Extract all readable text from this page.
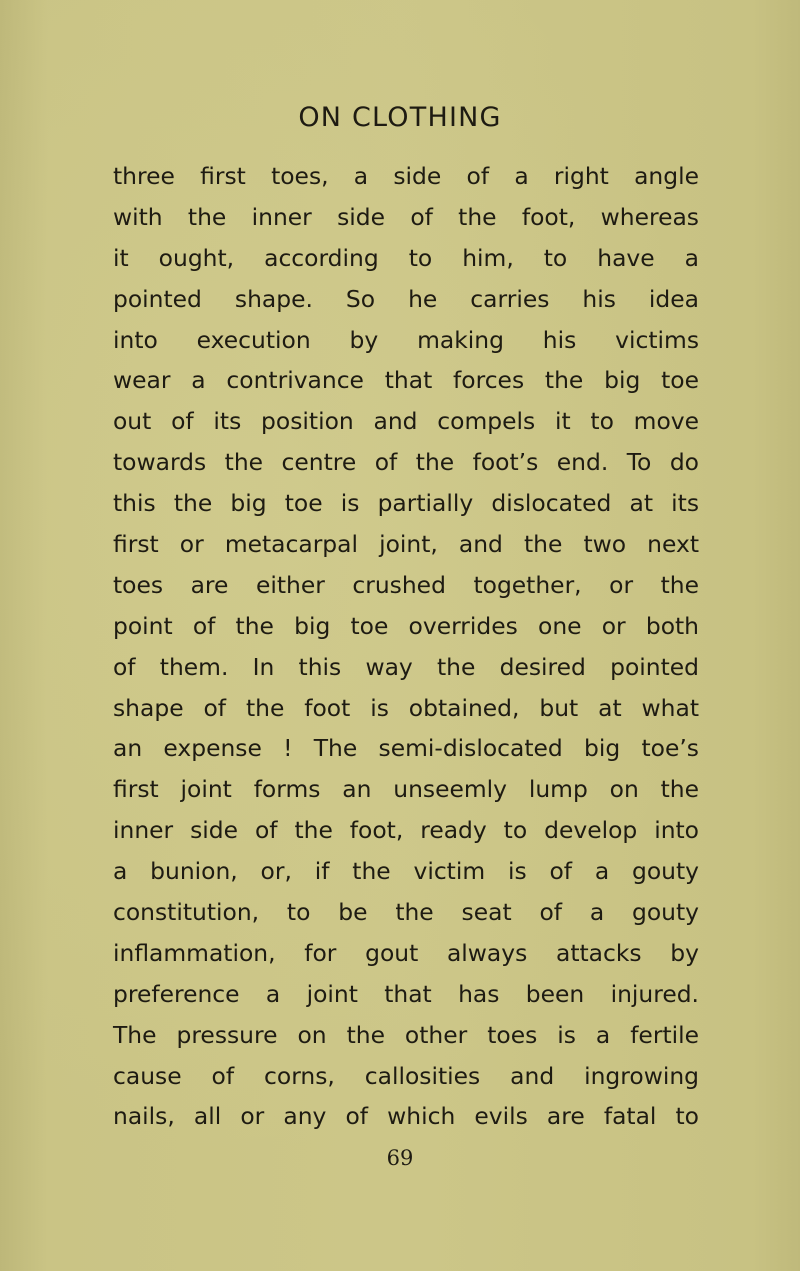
ON CLOTHING
three first toes, a side of a right angle
with the inner side of the foot, whereas
it ought, according to him, to have a
pointed shape. So he carries his idea
into execution by making his victims
wear a contrivance that forces the big toe
out of its position and compels it to move
towards the centre of the foot’s end. To do
this the big toe is partially dislocated at its
first or metacarpal joint, and the two next
toes are either crushed together, or the
point of the big toe overrides one or both
of them. In this way the desired pointed
shape of the foot is obtained, but at what
an expense ! The semi-dislocated big toe’s
first joint forms an unseemly lump on the
inner side of the foot, ready to develop into
a bunion, or, if the victim is of a gouty
constitution, to be the seat of a gouty
inflammation, for gout always attacks by
preference a joint that has been injured.
The pressure on the other toes is a fertile
cause of corns, callosities and ingrowing
nails, all or any of which evils are fatal to
69
